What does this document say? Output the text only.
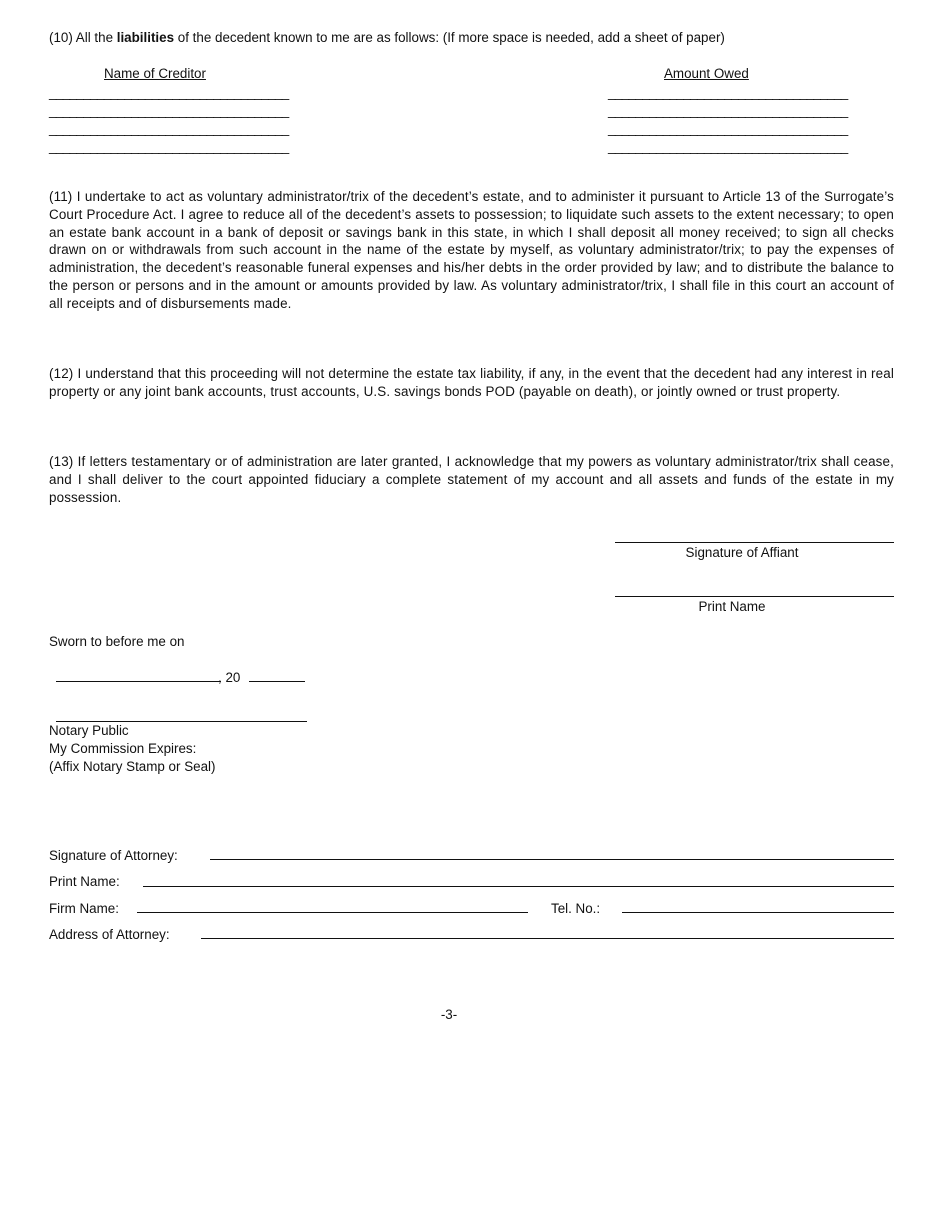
(10) All the liabilities of the decedent known to me are as follows: (If more space is needed, add a sheet of paper)
Name of Creditor	Amount Owed
___________________________________
___________________________________
___________________________________
___________________________________
___________________________________
___________________________________
___________________________________
___________________________________
(11) I undertake to act as voluntary administrator/trix of the decedent’s estate, and to administer it pursuant to Article 13 of the Surrogate’s Court Procedure Act. I agree to reduce all of the decedent’s assets to possession; to liquidate such assets to the extent necessary; to open an estate bank account in a bank of deposit or savings bank in this state, in which I shall deposit all money received; to sign all checks drawn on or withdrawals from such account in the name of the estate by myself, as voluntary administrator/trix; to pay the expenses of administration, the decedent’s reasonable funeral expenses and his/her debts in the order provided by law; and to distribute the balance to the person or persons and in the amount or amounts provided by law. As voluntary administrator/trix, I shall file in this court an account of all receipts and of disbursements made.
(12) I understand that this proceeding will not determine the estate tax liability, if any, in the event that the decedent had any interest in real property or any joint bank accounts, trust accounts, U.S. savings bonds POD (payable on death), or jointly owned or trust property.
(13) If letters testamentary or of administration are later granted, I acknowledge that my powers as voluntary administrator/trix shall cease, and I shall deliver to the court appointed fiduciary a complete statement of my account and all assets and funds of the estate in my possession.
Signature of Affiant
Print Name
Sworn to before me on
, 20
Notary Public
My Commission Expires:
(Affix Notary Stamp or Seal)
Signature of Attorney:
Print Name:
Firm Name:	Tel. No.:
Address of Attorney:
-3-
